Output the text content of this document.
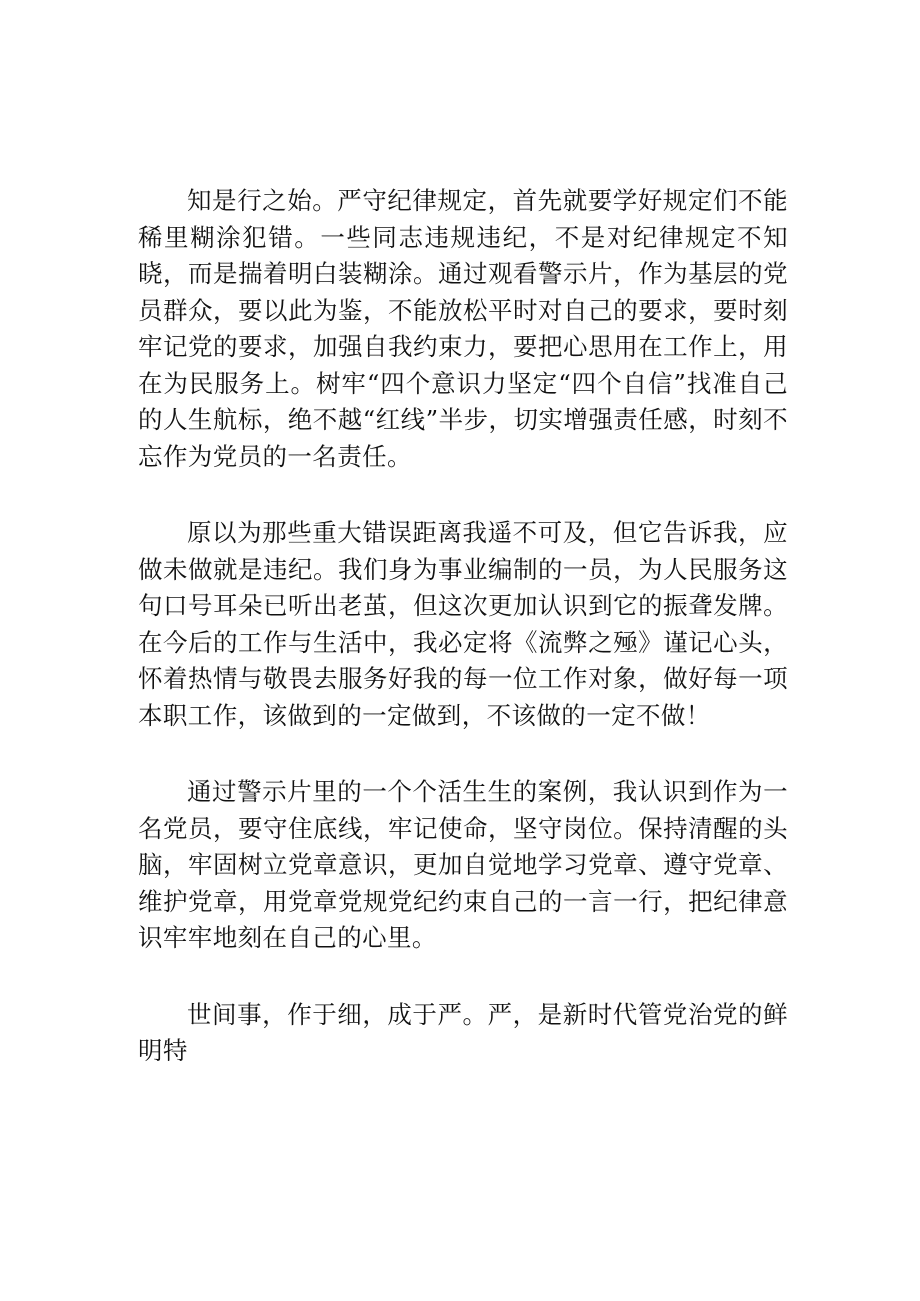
知是行之始。严守纪律规定，首先就要学好规定们不能稀里糊涂犯错。一些同志违规违纪，不是对纪律规定不知晓，而是揣着明白装糊涂。通过观看警示片，作为基层的党员群众，要以此为鉴，不能放松平时对自己的要求，要时刻牢记党的要求，加强自我约束力，要把心思用在工作上，用在为民服务上。树牢“四个意识力坚定“四个自信”找准自己的人生航标，绝不越“红线”半步，切实增强责任感，时刻不忘作为党员的一名责任。

原以为那些重大错误距离我遥不可及，但它告诉我，应做未做就是违纪。我们身为事业编制的一员，为人民服务这句口号耳朵已听出老茧，但这次更加认识到它的振聋发牌。在今后的工作与生活中，我必定将《流弊之殛》谨记心头，怀着热情与敬畏去服务好我的每一位工作对象，做好每一项本职工作，该做到的一定做到，不该做的一定不做！

通过警示片里的一个个活生生的案例，我认识到作为一名党员，要守住底线，牢记使命，坚守岗位。保持清醒的头脑，牢固树立党章意识，更加自觉地学习党章、遵守党章、维护党章，用党章党规党纪约束自己的一言一行，把纪律意识牢牢地刻在自己的心里。

世间事，作于细，成于严。严，是新时代管党治党的鲜明特
